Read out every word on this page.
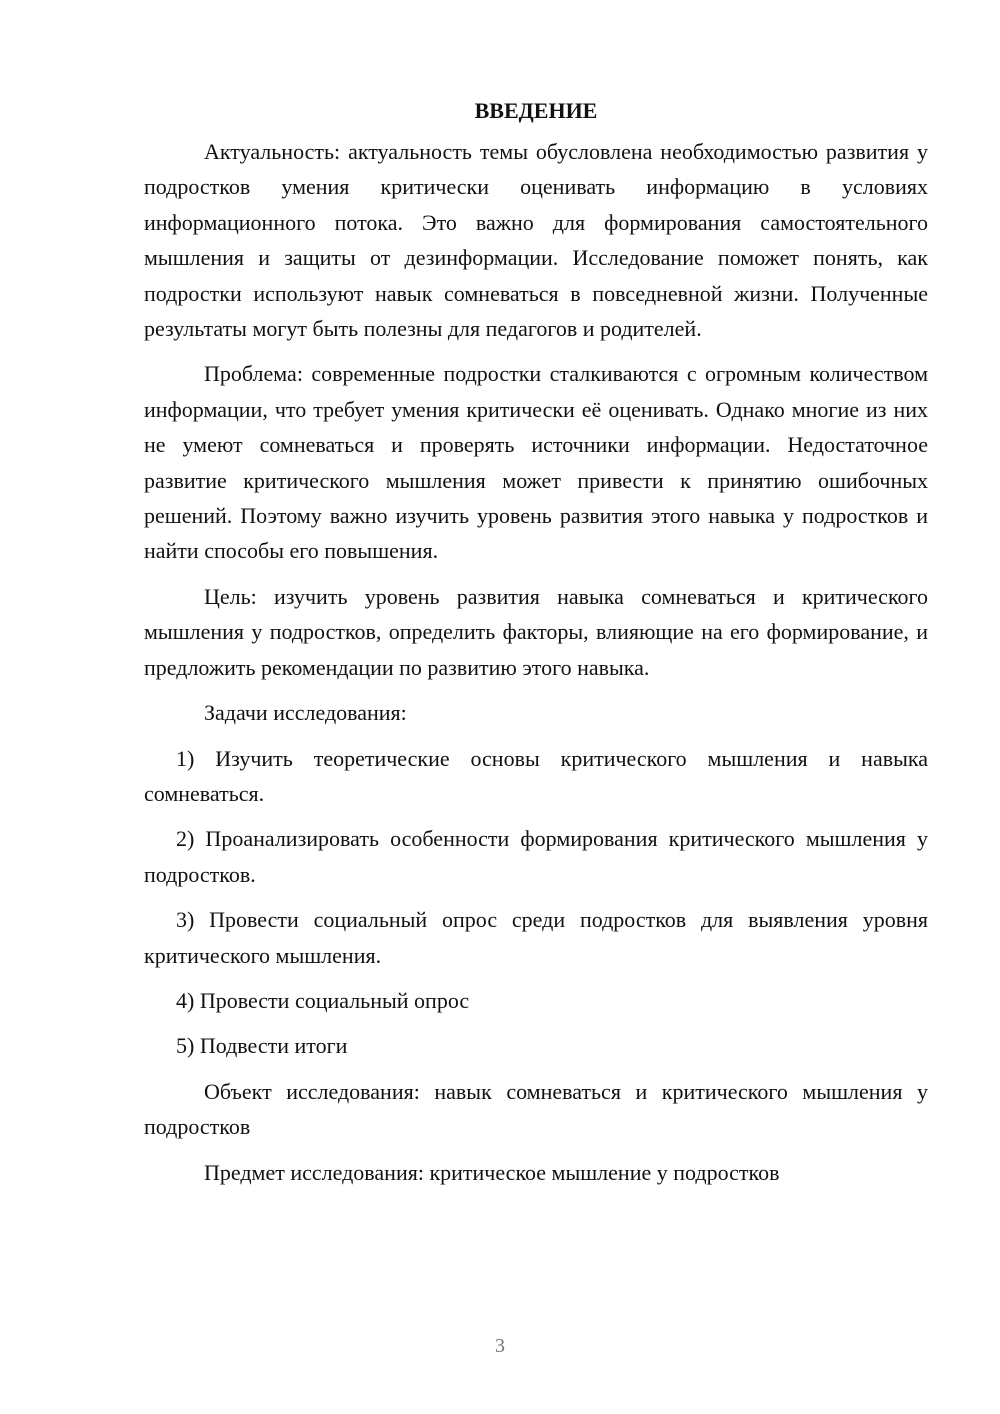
ВВЕДЕНИЕ

Актуальность: актуальность темы обусловлена необходимостью развития у подростков умения критически оценивать информацию в условиях информационного потока. Это важно для формирования самостоятельного мышления и защиты от дезинформации. Исследование поможет понять, как подростки используют навык сомневаться в повседневной жизни. Полученные результаты могут быть полезны для педагогов и родителей.

Проблема: современные подростки сталкиваются с огромным количеством информации, что требует умения критически её оценивать. Однако многие из них не умеют сомневаться и проверять источники информации. Недостаточное развитие критического мышления может привести к принятию ошибочных решений. Поэтому важно изучить уровень развития этого навыка у подростков и найти способы его повышения.

Цель: изучить уровень развития навыка сомневаться и критического мышления у подростков, определить факторы, влияющие на его формирование, и предложить рекомендации по развитию этого навыка.

Задачи исследования:

1) Изучить теоретические основы критического мышления и навыка сомневаться.

2) Проанализировать особенности формирования критического мышления у подростков.

3) Провести социальный опрос среди подростков для выявления уровня критического мышления.

4) Провести социальный опрос

5) Подвести итоги

Объект исследования: навык сомневаться и критического мышления у подростков

Предмет исследования: критическое мышление у подростков

3
